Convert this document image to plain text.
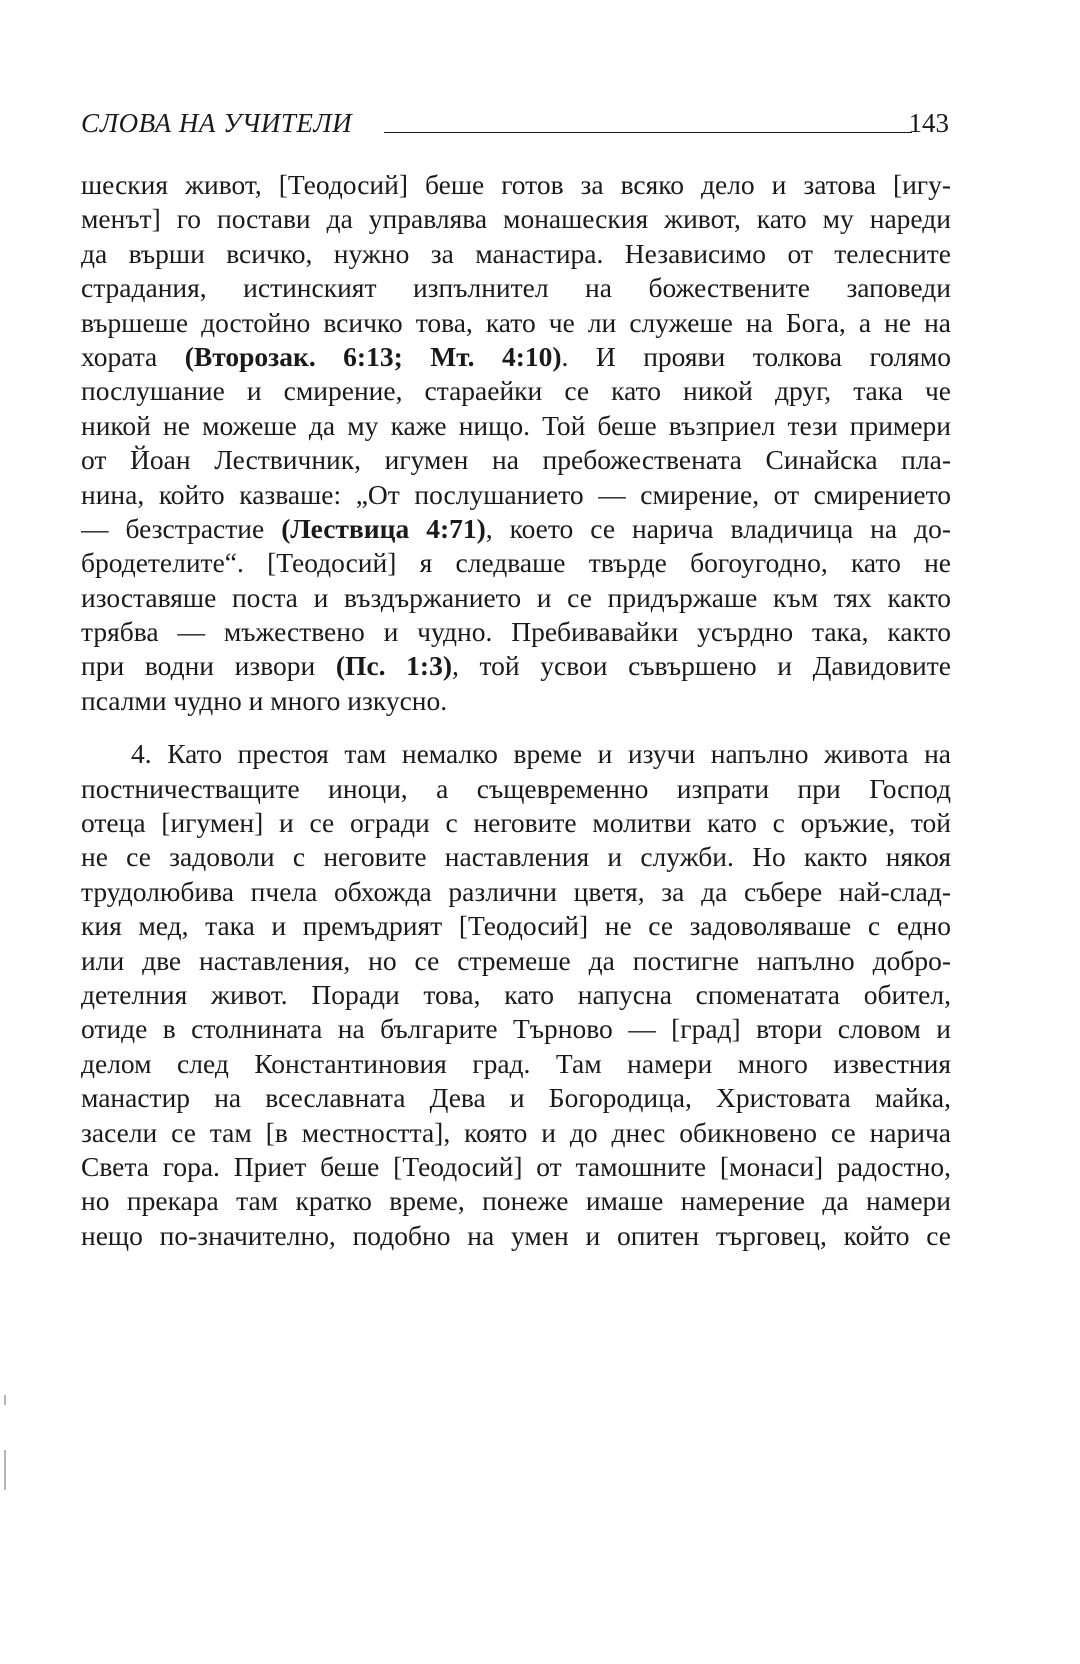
СЛОВА НА УЧИТЕЛИ	143
шеския живот, [Теодосий] беше готов за всяко дело и затова [игу-
менът] го постави да управлява монашеския живот, като му нареди
да върши всичко, нужно за манастира. Независимо от телесните
страдания, истинският изпълнител на божествените заповеди
вършеше достойно всичко това, като че ли служеше на Бога, а не на
хората (Второзак. 6:13; Мт. 4:10). И прояви толкова голямо
послушание и смирение, стараейки се като никой друг, така че
никой не можеше да му каже нищо. Той беше възприел тези примери
от Йоан Лествичник, игумен на пребожествената Синайска пла-
нина, който казваше: „От послушанието — смирение, от смирението
— безстрастие (Лествица 4:71), което се нарича владичица на до-
бродетелите“. [Теодосий] я следваше твърде богоугодно, като не
изоставяше поста и въздържанието и се придържаше към тях както
трябва — мъжествено и чудно. Пребивавайки усърдно така, както
при водни извори (Пс. 1:3), той усвои съвършено и Давидовите
псалми чудно и много изкусно.
4. Като престоя там немалко време и изучи напълно живота на
постничестващите иноци, а същевременно изпрати при Господ
отеца [игумен] и се огради с неговите молитви като с оръжие, той
не се задоволи с неговите наставления и служби. Но както някоя
трудолюбива пчела обхожда различни цветя, за да събере най-слад-
кия мед, така и премъдрият [Теодосий] не се задоволяваше с едно
или две наставления, но се стремеше да постигне напълно добро-
детелния живот. Поради това, като напусна споменатата обител,
отиде в столнината на българите Търново — [град] втори словом и
делом след Константиновия град. Там намери много известния
манастир на всеславната Дева и Богородица, Христовата майка,
засели се там [в местността], която и до днес обикновено се нарича
Света гора. Приет беше [Теодосий] от тамошните [монаси] радостно,
но прекара там кратко време, понеже имаше намерение да намери
нещо по-значително, подобно на умен и опитен търговец, който се
